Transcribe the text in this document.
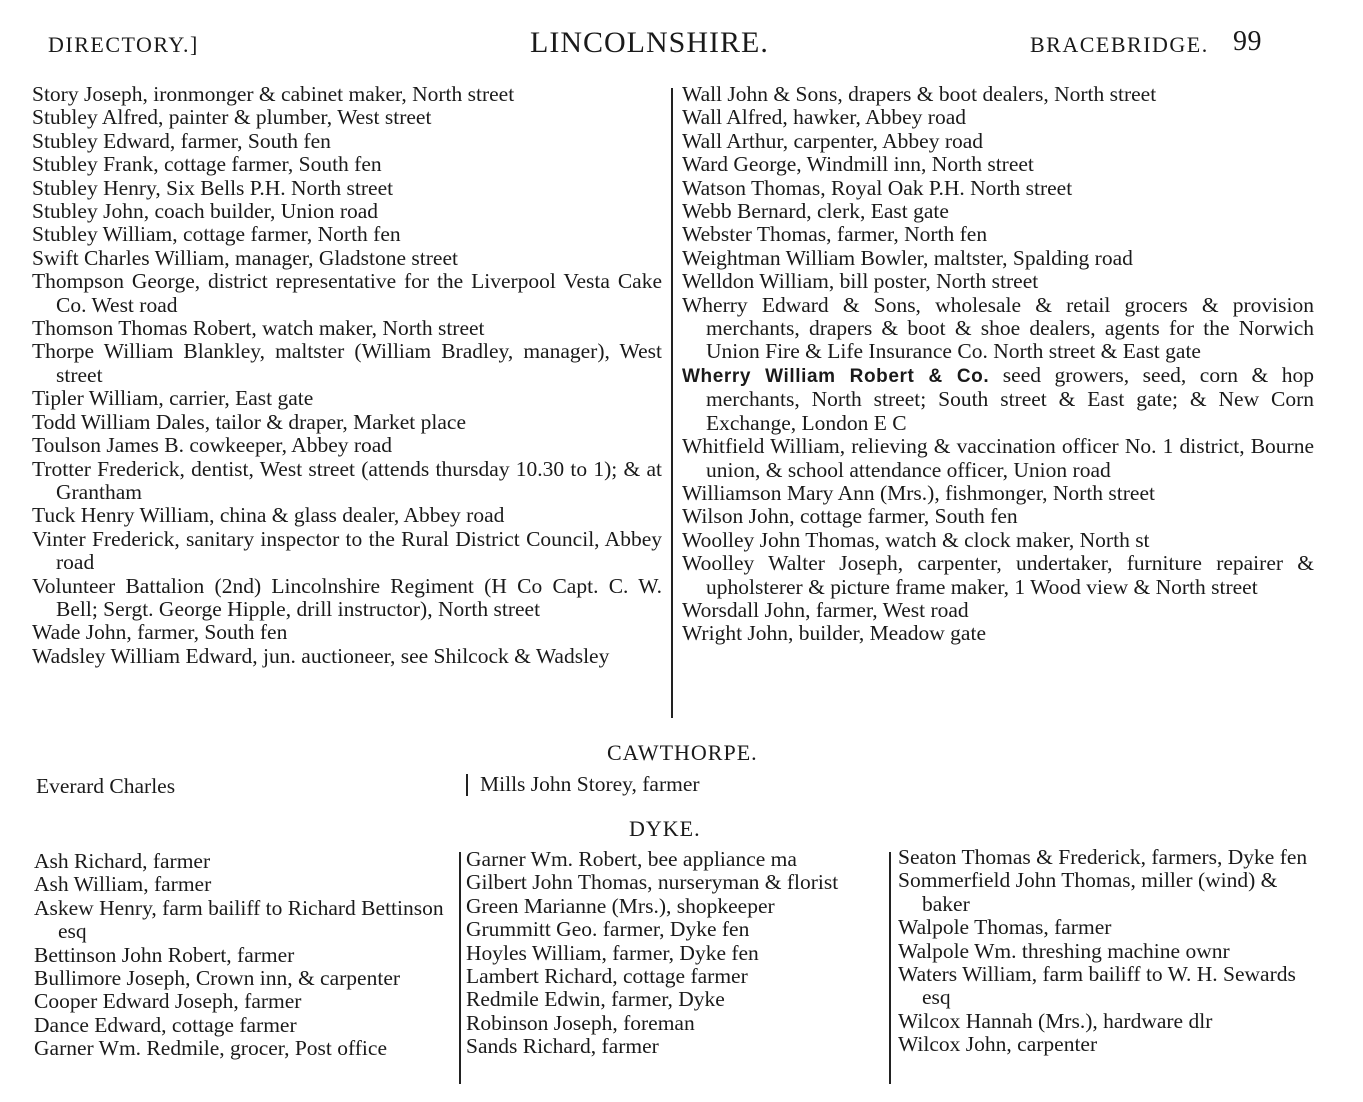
DIRECTORY.]	LINCOLNSHIRE.	BRACEBRIDGE. 99
Story Joseph, ironmonger & cabinet maker, North street
Stubley Alfred, painter & plumber, West street
Stubley Edward, farmer, South fen
Stubley Frank, cottage farmer, South fen
Stubley Henry, Six Bells P.H. North street
Stubley John, coach builder, Union road
Stubley William, cottage farmer, North fen
Swift Charles William, manager, Gladstone street
Thompson George, district representative for the Liverpool Vesta Cake Co. West road
Thomson Thomas Robert, watch maker, North street
Thorpe William Blankley, maltster (William Bradley, manager), West street
Tipler William, carrier, East gate
Todd William Dales, tailor & draper, Market place
Toulson James B. cowkeeper, Abbey road
Trotter Frederick, dentist, West street (attends thursday 10.30 to 1); & at Grantham
Tuck Henry William, china & glass dealer, Abbey road
Vinter Frederick, sanitary inspector to the Rural District Council, Abbey road
Volunteer Battalion (2nd) Lincolnshire Regiment (H Co Capt. C. W. Bell; Sergt. George Hipple, drill instructor), North street
Wade John, farmer, South fen
Wadsley William Edward, jun. auctioneer, see Shilcock & Wadsley
Wall John & Sons, drapers & boot dealers, North street
Wall Alfred, hawker, Abbey road
Wall Arthur, carpenter, Abbey road
Ward George, Windmill inn, North street
Watson Thomas, Royal Oak P.H. North street
Webb Bernard, clerk, East gate
Webster Thomas, farmer, North fen
Weightman William Bowler, maltster, Spalding road
Welldon William, bill poster, North street
Wherry Edward & Sons, wholesale & retail grocers & provision merchants, drapers & boot & shoe dealers, agents for the Norwich Union Fire & Life Insurance Co. North street & East gate
Wherry William Robert & Co. seed growers, seed, corn & hop merchants, North street; South street & East gate; & New Corn Exchange, London E C
Whitfield William, relieving & vaccination officer No. 1 district, Bourne union, & school attendance officer, Union road
Williamson Mary Ann (Mrs.), fishmonger, North street
Wilson John, cottage farmer, South fen
Woolley John Thomas, watch & clock maker, North st
Woolley Walter Joseph, carpenter, undertaker, furniture repairer & upholsterer & picture frame maker, 1 Wood view & North street
Worsdall John, farmer, West road
Wright John, builder, Meadow gate
CAWTHORPE.
Everard Charles	Mills John Storey, farmer
DYKE.
Ash Richard, farmer
Ash William, farmer
Askew Henry, farm bailiff to Richard Bettinson esq
Bettinson John Robert, farmer
Bullimore Joseph, Crown inn, & carpenter
Cooper Edward Joseph, farmer
Dance Edward, cottage farmer
Garner Wm. Redmile, grocer, Post office
Garner Wm. Robert, bee appliance ma
Gilbert John Thomas, nurseryman & florist
Green Marianne (Mrs.), shopkeeper
Grummitt Geo. farmer, Dyke fen
Hoyles William, farmer, Dyke fen
Lambert Richard, cottage farmer
Redmile Edwin, farmer, Dyke
Robinson Joseph, foreman
Sands Richard, farmer
Seaton Thomas & Frederick, farmers, Dyke fen
Sommerfield John Thomas, miller (wind) & baker
Walpole Thomas, farmer
Walpole Wm. threshing machine ownr
Waters William, farm bailiff to W. H. Sewards esq
Wilcox Hannah (Mrs.), hardware dlr
Wilcox John, carpenter
